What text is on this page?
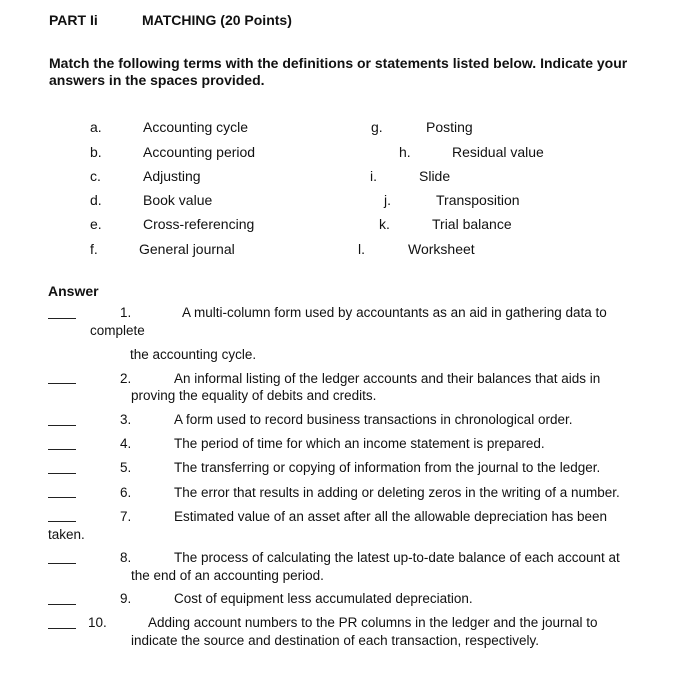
PART Ii	MATCHING (20 Points)
Match the following terms with the definitions or statements listed below. Indicate your
answers in the spaces provided.
a.	Accounting cycle
b.	Accounting period
c.	Adjusting
d.	Book value
e.	Cross-referencing
f.	General journal
g.	Posting
h.	Residual value
i.	Slide
j.	Transposition
k.	Trial balance
l.	Worksheet
Answer
1.	A multi-column form used by accountants as an aid in gathering data to
complete
the accounting cycle.
2.	An informal listing of the ledger accounts and their balances that aids in
proving the equality of debits and credits.
3.	A form used to record business transactions in chronological order.
4.	The period of time for which an income statement is prepared.
5.	The transferring or copying of information from the journal to the ledger.
6.	The error that results in adding or deleting zeros in the writing of a number.
7.	Estimated value of an asset after all the allowable depreciation has been
taken.
8.	The process of calculating the latest up-to-date balance of each account at
the end of an accounting period.
9.	Cost of equipment less accumulated depreciation.
10.	Adding account numbers to the PR columns in the ledger and the journal to
indicate the source and destination of each transaction, respectively.
